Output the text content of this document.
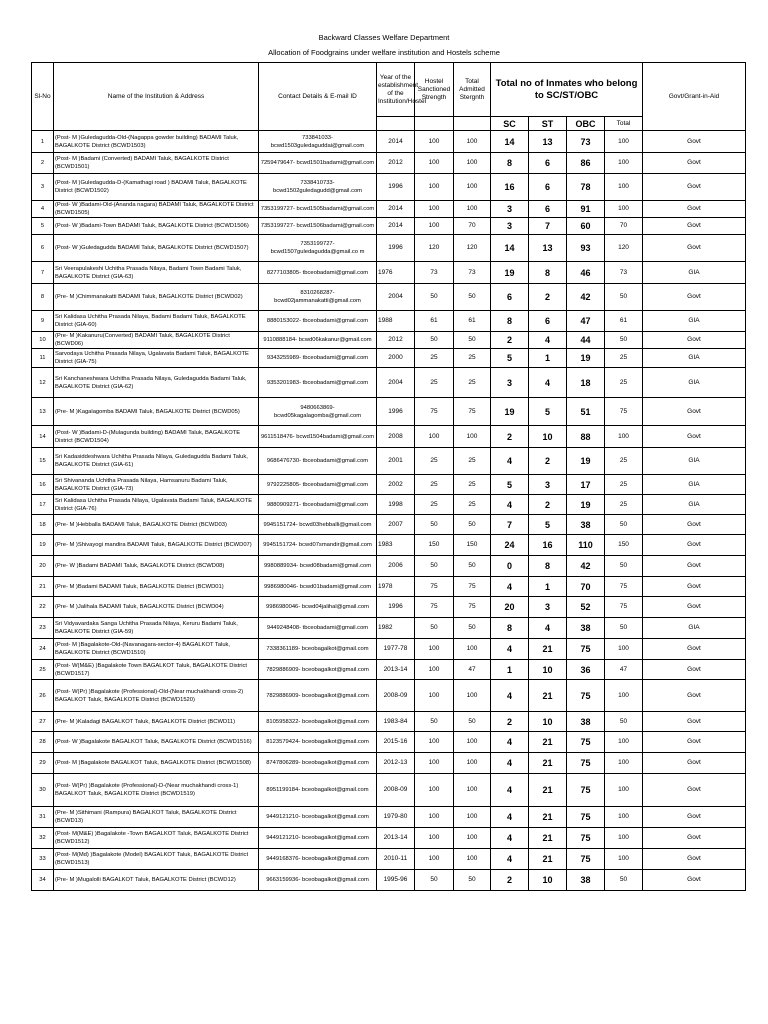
Backward Classes Welfare Department
Allocation of Foodgrains under welfare institution and Hostels scheme
Sl-No	Name of the Institution & Address	Contact Details & E-mail ID	Year of the establishment of the Institution/Hostel	Hostel Sanctioned Strength	Total Admitted Stergnth	Total no of Inmates who belong to SC/ST/OBC				Govt/Grant-in-Aid
						SC	ST	OBC	Total	
1	(Post- M )Guledagudda-Old-(Nagappa gowder building) BADAMI Taluk, BAGALKOTE District (BCWD1503)	733841033- bcwd1503guledaguddai@gmail.com	2014	100	100	14	13	73	100	Govt
2	(Post- M )Badami (Converted) BADAMI Taluk, BAGALKOTE District (BCWD1501)	7259479647- bcwd1501badami@gmail.com	2012	100	100	8	6	86	100	Govt
3	(Post- M )Guledagudda-D-(Kamathagi road ) BADAMI Taluk, BAGALKOTE District (BCWD1502)	7338410733- bcwd1502guledagudd@gmail.com	1996	100	100	16	6	78	100	Govt
4	(Post- W )Badami-Old-(Ananda nagara) BADAMI Taluk, BAGALKOTE District (BCWD1505)	7353199727- bcwd1505badami@gmail.com	2014	100	100	3	6	91	100	Govt
5	(Post- W )Badami-Town BADAMI Taluk, BAGALKOTE District (BCWD1506)	7353199727- bcwd1506badami@gmail.com	2014	100	70	3	7	60	70	Govt
6	(Post- W )Guledagudda BADAMI Taluk, BAGALKOTE District (BCWD1507)	7353199727- bcwd1507guledagudda@gmail.co m	1996	120	120	14	13	93	120	Govt
7	Sri Veerapulakeshi Uchitha Prasada Nilaya, Badami Town Badami Taluk, BAGALKOTE District (GIA-63)	8277103805- tbceobadami@gmail.com	1976	73	73	19	8	46	73	GIA
8	(Pre- M )Chimmanakatti BADAMI Taluk, BAGALKOTE District (BCWD02)	8310268287- bcwd02jammanakatti@gmail.com	2004	50	50	6	2	42	50	Govt
9	Sri Kalidasa Uchitha Prasada Nilaya, Badami Badami Taluk, BAGALKOTE District (GIA-60)	8880153022- tbceobadami@gmail.com	1988	61	61	8	6	47	61	GIA
10	(Pre- M )Kakanuru(Converted) BADAMI Taluk, BAGALKOTE District (BCWD06)	9110888184- bcwd06kakanur@gmail.com	2012	50	50	2	4	44	50	Govt
11	Sarvodaya Uchitha Prasada Nilaya, Ugalavata Badami Taluk, BAGALKOTE District (GIA-75)	9343255989- tbceobadami@gmail.com	2000	25	25	5	1	19	25	GIA
12	Sri Kanchaneshwara Uchitha Prasada Nilaya, Guledagudda Badami Taluk, BAGALKOTE District (GIA-62)	9353201983- tbceobadami@gmail.com	2004	25	25	3	4	18	25	GIA
13	(Pre- M )Kagalagomba BADAMI Taluk, BAGALKOTE District (BCWD05)	9480663869- bcwd05kagalagomba@gmail.com	1996	75	75	19	5	51	75	Govt
14	(Post- W )Badami-D-(Mulagunda building) BADAMI Taluk, BAGALKOTE District (BCWD1504)	9611518476- bcwd1504badami@gmail.com	2008	100	100	2	10	88	100	Govt
15	Sri Kadasiddeshwara Uchitha Prasada Nilaya, Guledagudda Badami Taluk, BAGALKOTE District (GIA-61)	9686476730- tbceobadami@gmail.com	2001	25	25	4	2	19	25	GIA
16	Sri Shivananda Uchitha Prasada Nilaya, Hamsanuru Badami Taluk, BAGALKOTE District (GIA-73)	9792225805- tbceobadami@gmail.com	2002	25	25	5	3	17	25	GIA
17	Sri Kalidasa Uchitha Prasada Nilaya, Ugalavata Badami Taluk, BAGALKOTE District (GIA-76)	9880909271- tbceobadami@gmail.com	1998	25	25	4	2	19	25	GIA
18	(Pre- M )Hebballa BADAMI Taluk, BAGALKOTE District (BCWD03)	9945151724- bcwd03hebballi@gmail.com	2007	50	50	7	5	38	50	Govt
19	(Pre- M )Shivayogi mandira BADAMI Taluk, BAGALKOTE District (BCWD07)	9945151724- bcwd07smandir@gmail.com	1983	150	150	24	16	110	150	Govt
20	(Pre- W )Badami BADAMI Taluk, BAGALKOTE District (BCWD08)	9980889934- bcwd08badami@gmail.com	2006	50	50	0	8	42	50	Govt
21	(Pre- M )Badami BADAMI Taluk, BAGALKOTE District (BCWD01)	9986980046- bcwd01badami@gmail.com	1978	75	75	4	1	70	75	Govt
22	(Pre- M )Jalihala BADAMI Taluk, BAGALKOTE District (BCWD04)	9986980046- bcwd04jalihal@gmail.com	1996	75	75	20	3	52	75	Govt
23	Sri Vidyavardaka Sanga Uchitha Prasada Nilaya, Keruru Badami Taluk, BAGALKOTE District (GIA-59)	9449248408- tbceobadami@gmail.com	1982	50	50	8	4	38	50	GIA
24	(Post- M )Bagalakote-Old-(Navanagara-sector-4) BAGALKOT Taluk, BAGALKOTE District (BCWD1510)	7338361189- bceobagalkot@gmail.com	1977-78	100	100	4	21	75	100	Govt
25	(Post- W(M&E) )Bagalakote Town BAGALKOT Taluk, BAGALKOTE District (BCWD1517)	7829886909- bceobagalkot@gmail.com	2013-14	100	47	1	10	36	47	Govt
26	(Post- W(Pr) )Bagalakote (Professional)-Old-(Near muchakhandi cross-2) BAGALKOT Taluk, BAGALKOTE District (BCWD1520)	7829886909- bceobagalkot@gmail.com	2008-09	100	100	4	21	75	100	Govt
27	(Pre- M )Kaladagi BAGALKOT Taluk, BAGALKOTE District (BCWD11)	8105958322- bceobagalkot@gmail.com	1983-84	50	50	2	10	38	50	Govt
28	(Post- W )Bagalakote BAGALKOT Taluk, BAGALKOTE District (BCWD1516)	8123579424- bceobagalkot@gmail.com	2015-16	100	100	4	21	75	100	Govt
29	(Post- M )Bagalakote BAGALKOT Taluk, BAGALKOTE District (BCWD1508)	8747806289- bceobagalkot@gmail.com	2012-13	100	100	4	21	75	100	Govt
30	(Post- W(Pr) )Bagalakote (Professional)-D-(Near muchakhandi cross-1) BAGALKOT Taluk, BAGALKOTE District (BCWD1519)	8951199184- bceobagalkot@gmail.com	2008-09	100	100	4	21	75	100	Govt
31	(Pre- M )Sithimani (Rampura) BAGALKOT Taluk, BAGALKOTE District (BCWD13)	9449121210- bceobagalkot@gmail.com	1979-80	100	100	4	21	75	100	Govt
32	(Post- M(M&E) )Bagalakote -Town BAGALKOT Taluk, BAGALKOTE District (BCWD1512)	9449121210- bceobagalkot@gmail.com	2013-14	100	100	4	21	75	100	Govt
33	(Post- M(Md) )Bagalakote (Model) BAGALKOT Taluk, BAGALKOTE District (BCWD1513)	9449168376- bceobagalkot@gmail.com	2010-11	100	100	4	21	75	100	Govt
34	(Pre- M )Mugalolli BAGALKOT Taluk, BAGALKOTE District (BCWD12)	9663159936- bceobagalkot@gmail.com	1995-96	50	50	2	10	38	50	Govt
